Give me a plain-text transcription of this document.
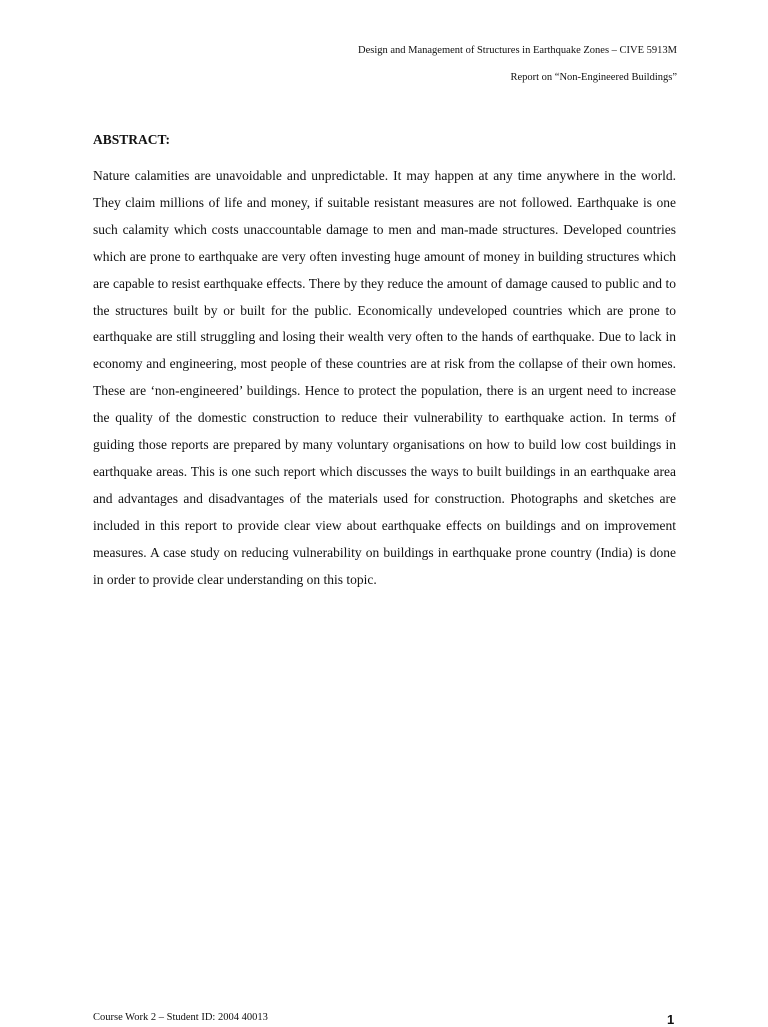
Design and Management of Structures in Earthquake Zones – CIVE 5913M
Report on “Non-Engineered Buildings”
ABSTRACT:

Nature calamities are unavoidable and unpredictable. It may happen at any time anywhere in the world. They claim millions of life and money, if suitable resistant measures are not followed. Earthquake is one such calamity which costs unaccountable damage to men and man-made structures. Developed countries which are prone to earthquake are very often investing huge amount of money in building structures which are capable to resist earthquake effects. There by they reduce the amount of damage caused to public and to the structures built by or built for the public. Economically undeveloped countries which are prone to earthquake are still struggling and losing their wealth very often to the hands of earthquake. Due to lack in economy and engineering, most people of these countries are at risk from the collapse of their own homes. These are ‘non-engineered’ buildings. Hence to protect the population, there is an urgent need to increase the quality of the domestic construction to reduce their vulnerability to earthquake action. In terms of guiding those reports are prepared by many voluntary organisations on how to build low cost buildings in earthquake areas. This is one such report which discusses the ways to built buildings in an earthquake area and advantages and disadvantages of the materials used for construction. Photographs and sketches are included in this report to provide clear view about earthquake effects on buildings and on improvement measures. A case study on reducing vulnerability on buildings in earthquake prone country (India) is done in order to provide clear understanding on this topic.

Course Work 2 – Student ID: 2004 40013	1
